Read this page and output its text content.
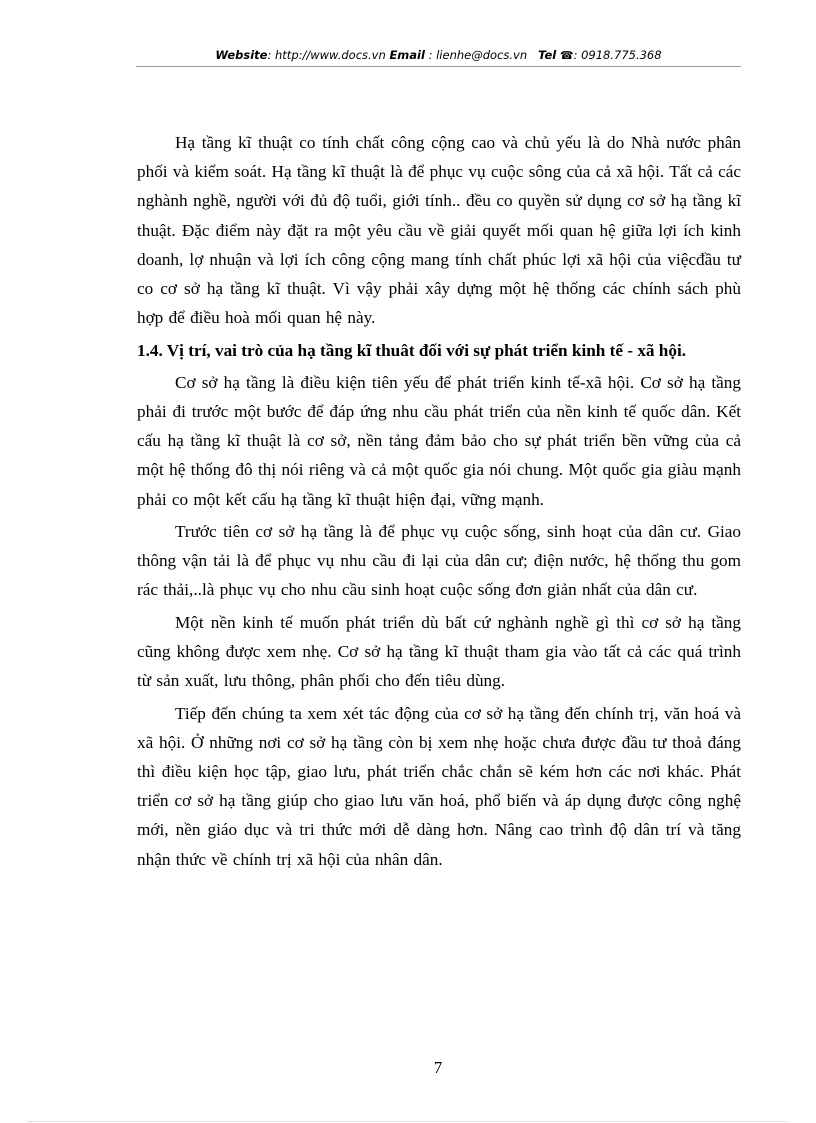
Website: http://www.docs.vn Email : lienhe@docs.vn Tel ☎: 0918.775.368

Hạ tầng kĩ thuật co tính chất công cộng cao và chủ yếu là do Nhà nước phân phối và kiểm soát. Hạ tầng kĩ thuật là để phục vụ cuộc sông của cả xã hội. Tất cả các nghành nghề, người với đủ độ tuổi, giới tính.. đều co quyền sử dụng cơ sở hạ tầng kĩ thuật. Đặc điểm này đặt ra một yêu cầu về giải quyết mối quan hệ giữa lợi ích kinh doanh, lợ nhuận và lợi ích công cộng mang tính chất phúc lợi xã hội của việcđầu tư co cơ sở hạ tầng kĩ thuật. Vì vậy phải xây dựng một hệ thống các chính sách phù hợp để điều hoà mối quan hệ này.

1.4. Vị trí, vai trò của hạ tầng kĩ thuât đối với sự phát triển kinh tế - xã hội.

Cơ sở hạ tầng là điều kiện tiên yếu để phát triển kinh tế-xã hội. Cơ sở hạ tầng phải đi trước một bước để đáp ứng nhu cầu phát triển của nền kinh tế quốc dân. Kết cấu hạ tầng kĩ thuật là cơ sở, nền tảng đảm bảo cho sự phát triển bền vững của cả một hệ thống đô thị nói riêng và cả một quốc gia nói chung. Một quốc gia giàu mạnh phải co một kết cấu hạ tầng kĩ thuật hiện đại, vững mạnh.

Trước tiên cơ sở hạ tầng là để phục vụ cuộc sống, sinh hoạt của dân cư. Giao thông vận tải là để phục vụ nhu cầu đi lại của dân cư; điện nước, hệ thống thu gom rác thải,..là phục vụ cho nhu cầu sinh hoạt cuộc sống đơn giản nhất của dân cư.

Một nền kinh tế muốn phát triển dù bất cứ nghành nghề gì thì cơ sở hạ tầng cũng không được xem nhẹ. Cơ sở hạ tầng kĩ thuật tham gia vào tất cả các quá trình từ sản xuất, lưu thông, phân phối cho đến tiêu dùng.

Tiếp đến chúng ta xem xét tác động của cơ sở hạ tầng đến chính trị, văn hoá và xã hội. Ở những nơi cơ sở hạ tầng còn bị xem nhẹ hoặc chưa được đầu tư thoả đáng thì điều kiện học tập, giao lưu, phát triển chắc chắn sẽ kém hơn các nơi khác. Phát triển cơ sở hạ tầng giúp cho giao lưu văn hoá, phổ biến và áp dụng được công nghệ mới, nền giáo dục và tri thức mới dễ dàng hơn. Nâng cao trình độ dân trí và tăng nhận thức về chính trị xã hội của nhân dân.

7
